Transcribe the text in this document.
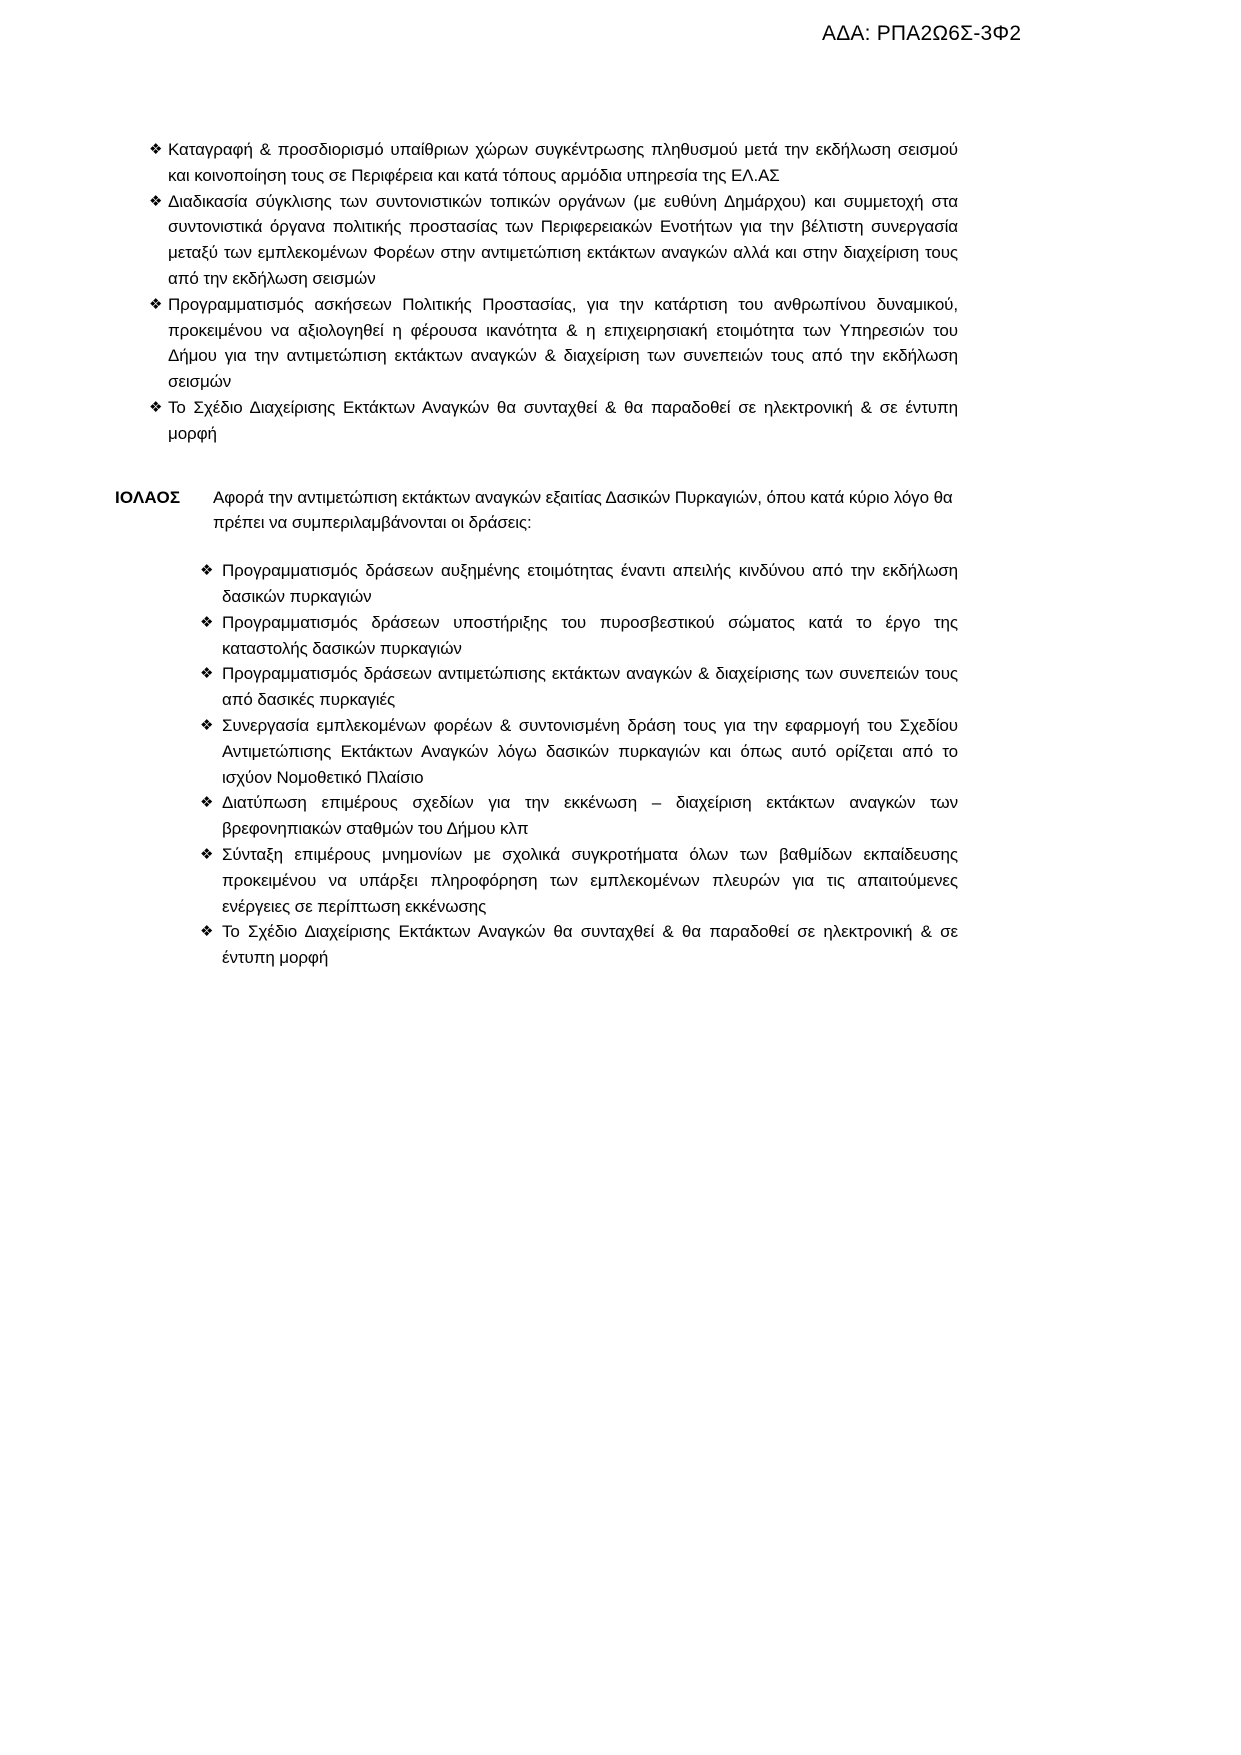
ΑΔΑ: ΡΠΑ2Ω6Σ-3Φ2
❖ Καταγραφή & προσδιορισμό υπαίθριων χώρων συγκέντρωσης πληθυσμού μετά την εκδήλωση σεισμού και κοινοποίηση τους σε Περιφέρεια και κατά τόπους αρμόδια υπηρεσία της ΕΛ.ΑΣ
❖ Διαδικασία σύγκλισης των συντονιστικών τοπικών οργάνων (με ευθύνη Δημάρχου) και συμμετοχή στα συντονιστικά όργανα πολιτικής προστασίας των Περιφερειακών Ενοτήτων για την βέλτιστη συνεργασία μεταξύ των εμπλεκομένων Φορέων στην αντιμετώπιση εκτάκτων αναγκών αλλά και στην διαχείριση τους από την εκδήλωση σεισμών
❖ Προγραμματισμός ασκήσεων Πολιτικής Προστασίας, για την κατάρτιση του ανθρωπίνου δυναμικού, προκειμένου να αξιολογηθεί η φέρουσα ικανότητα & η επιχειρησιακή ετοιμότητα των Υπηρεσιών του Δήμου για την αντιμετώπιση εκτάκτων αναγκών & διαχείριση των συνεπειών τους από την εκδήλωση σεισμών
❖ Το Σχέδιο Διαχείρισης Εκτάκτων Αναγκών θα συνταχθεί & θα παραδοθεί σε ηλεκτρονική & σε έντυπη μορφή
ΙΟΛΑΟΣ	Αφορά την αντιμετώπιση εκτάκτων αναγκών εξαιτίας Δασικών Πυρκαγιών, όπου κατά κύριο λόγο θα πρέπει να συμπεριλαμβάνονται οι δράσεις:
❖ Προγραμματισμός δράσεων αυξημένης ετοιμότητας έναντι απειλής κινδύνου από την εκδήλωση δασικών πυρκαγιών
❖ Προγραμματισμός δράσεων υποστήριξης του πυροσβεστικού σώματος κατά το έργο της καταστολής δασικών πυρκαγιών
❖ Προγραμματισμός δράσεων αντιμετώπισης εκτάκτων αναγκών & διαχείρισης των συνεπειών τους από δασικές πυρκαγιές
❖ Συνεργασία εμπλεκομένων φορέων & συντονισμένη δράση τους για την εφαρμογή του Σχεδίου Αντιμετώπισης Εκτάκτων Αναγκών λόγω δασικών πυρκαγιών και όπως αυτό ορίζεται από το ισχύον Νομοθετικό Πλαίσιο
❖ Διατύπωση επιμέρους σχεδίων για την εκκένωση – διαχείριση εκτάκτων αναγκών των βρεφονηπιακών σταθμών του Δήμου κλπ
❖ Σύνταξη επιμέρους μνημονίων με σχολικά συγκροτήματα όλων των βαθμίδων εκπαίδευσης προκειμένου να υπάρξει πληροφόρηση των εμπλεκομένων πλευρών για τις απαιτούμενες ενέργειες σε περίπτωση εκκένωσης
❖ Το Σχέδιο Διαχείρισης Εκτάκτων Αναγκών θα συνταχθεί & θα παραδοθεί σε ηλεκτρονική & σε έντυπη μορφή
